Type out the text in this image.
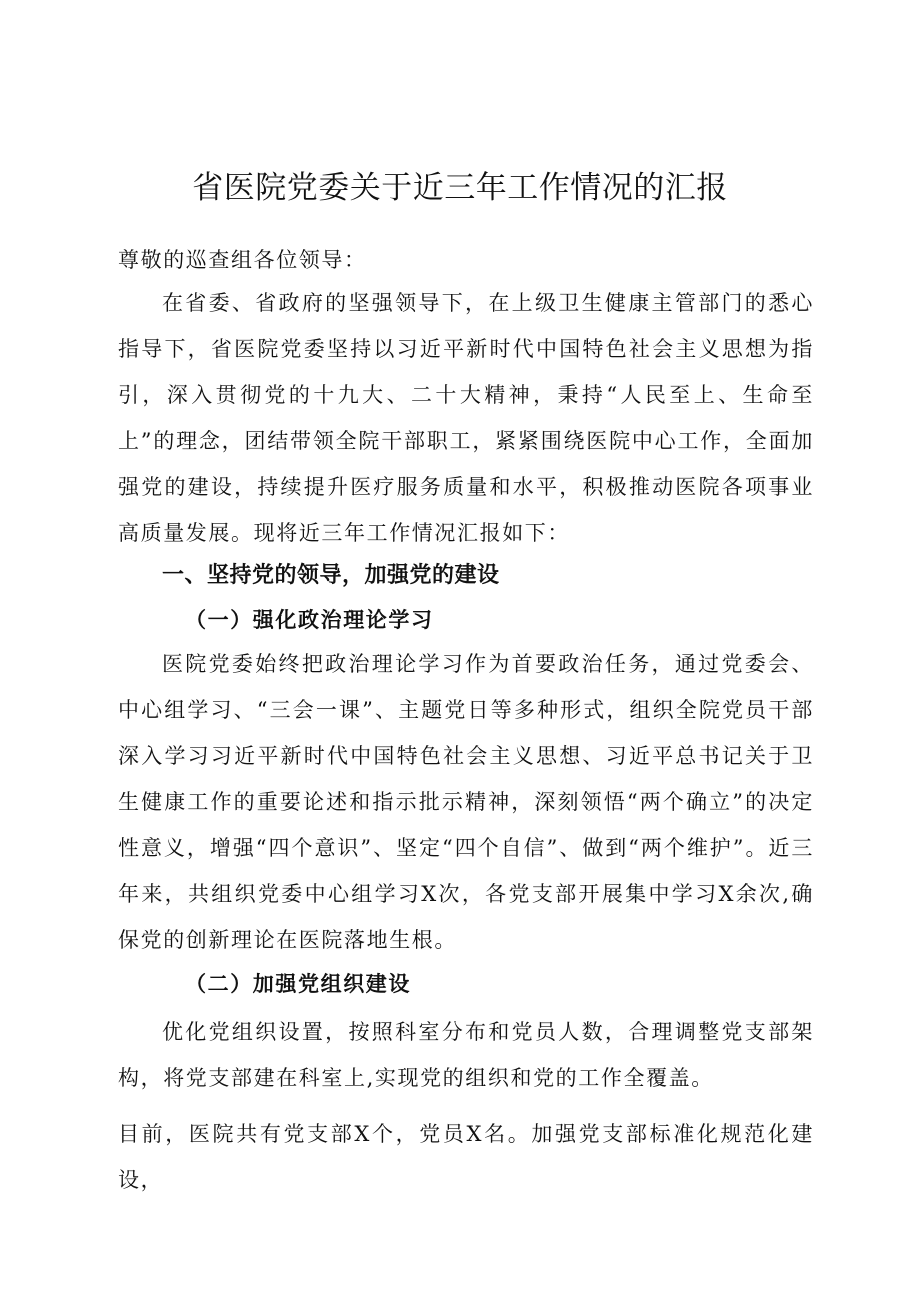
省医院党委关于近三年工作情况的汇报

尊敬的巡查组各位领导：

在省委、省政府的坚强领导下，在上级卫生健康主管部门的悉心指导下，省医院党委坚持以习近平新时代中国特色社会主义思想为指引，深入贯彻党的十九大、二十大精神，秉持“人民至上、生命至上”的理念，团结带领全院干部职工，紧紧围绕医院中心工作，全面加强党的建设，持续提升医疗服务质量和水平，积极推动医院各项事业高质量发展。现将近三年工作情况汇报如下：

一、坚持党的领导，加强党的建设
（一）强化政治理论学习

医院党委始终把政治理论学习作为首要政治任务，通过党委会、中心组学习、“三会一课”、主题党日等多种形式，组织全院党员干部深入学习习近平新时代中国特色社会主义思想、习近平总书记关于卫生健康工作的重要论述和指示批示精神，深刻领悟“两个确立”的决定性意义，增强“四个意识”、坚定“四个自信”、做到“两个维护”。近三年来，共组织党委中心组学习X次，各党支部开展集中学习X余次,确保党的创新理论在医院落地生根。

（二）加强党组织建设

优化党组织设置，按照科室分布和党员人数，合理调整党支部架构，将党支部建在科室上,实现党的组织和党的工作全覆盖。

目前，医院共有党支部X个，党员X名。加强党支部标准化规范化建设，
